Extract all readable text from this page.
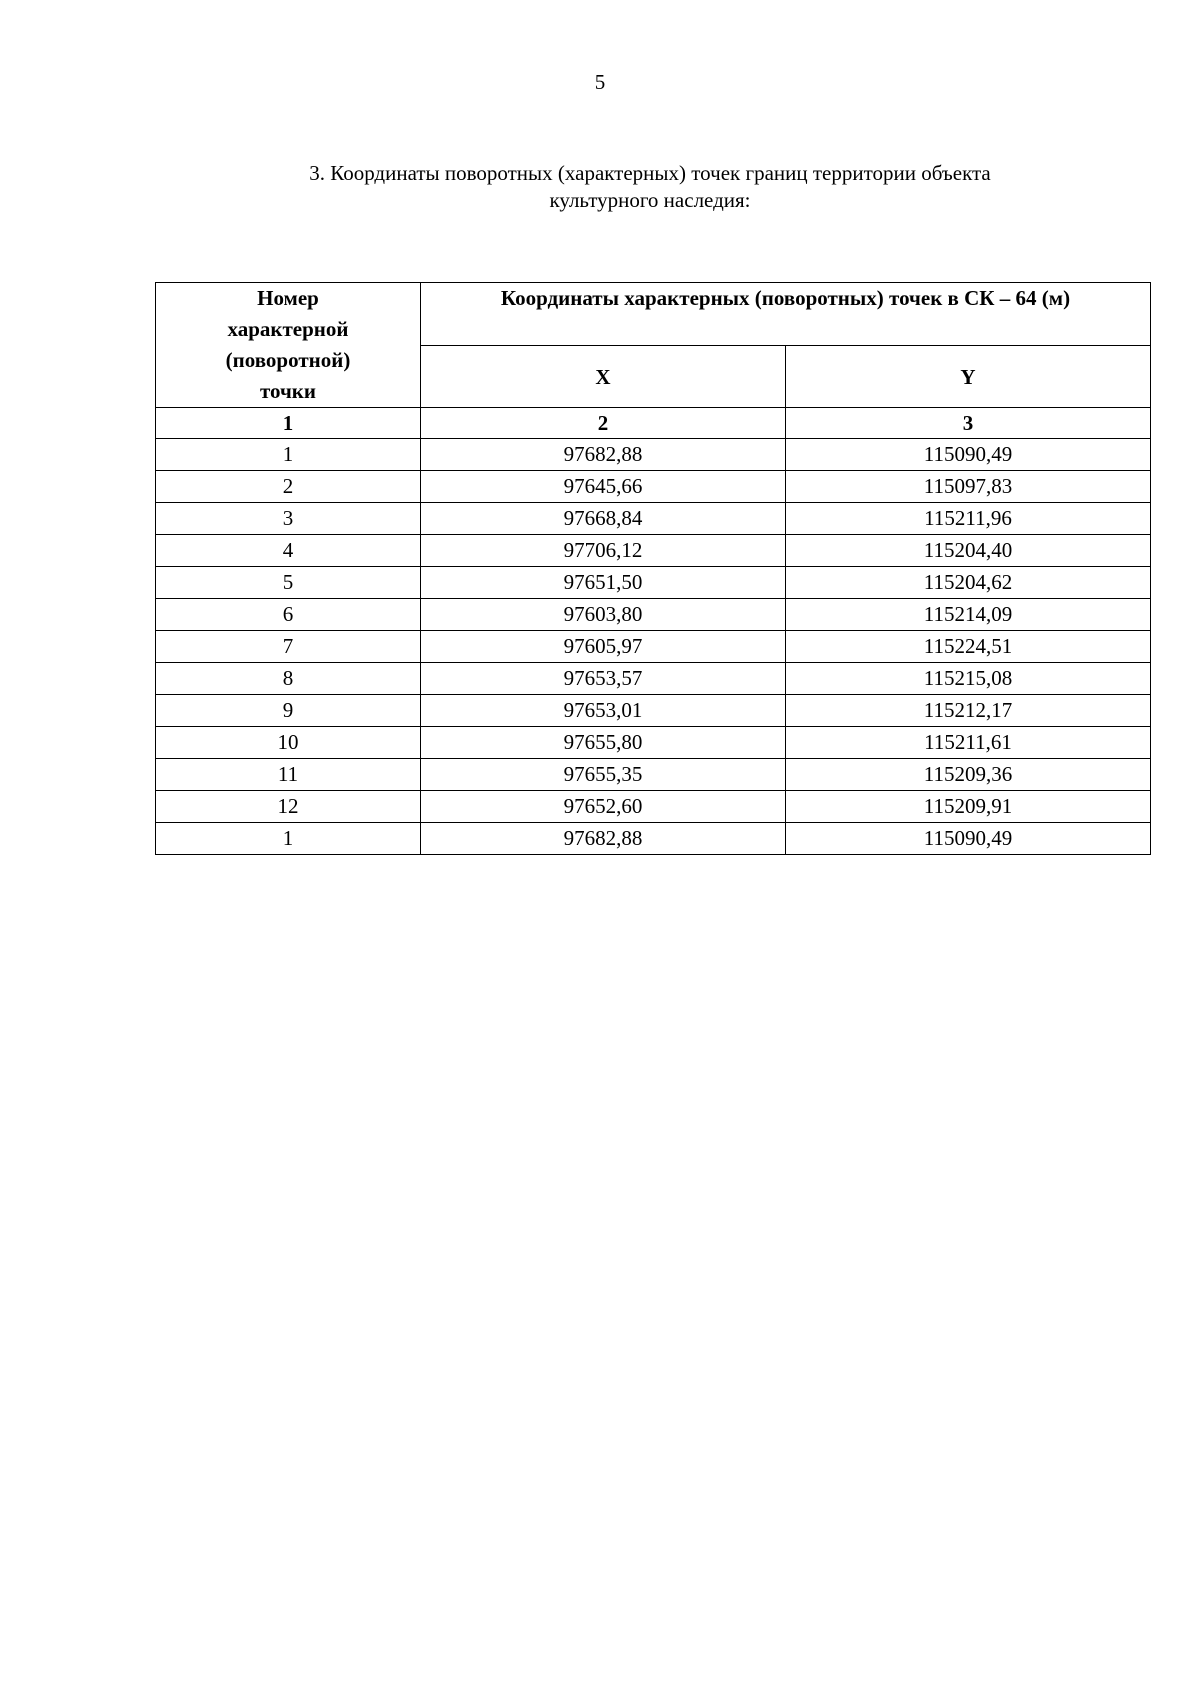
5
3. Координаты поворотных (характерных) точек границ территории объекта
культурного наследия:
Номер
характерной
(поворотной)
точки	Координаты характерных (поворотных) точек в СК – 64 (м)	
	X	Y
1	2	3
1	97682,88	115090,49
2	97645,66	115097,83
3	97668,84	115211,96
4	97706,12	115204,40
5	97651,50	115204,62
6	97603,80	115214,09
7	97605,97	115224,51
8	97653,57	115215,08
9	97653,01	115212,17
10	97655,80	115211,61
11	97655,35	115209,36
12	97652,60	115209,91
1	97682,88	115090,49
